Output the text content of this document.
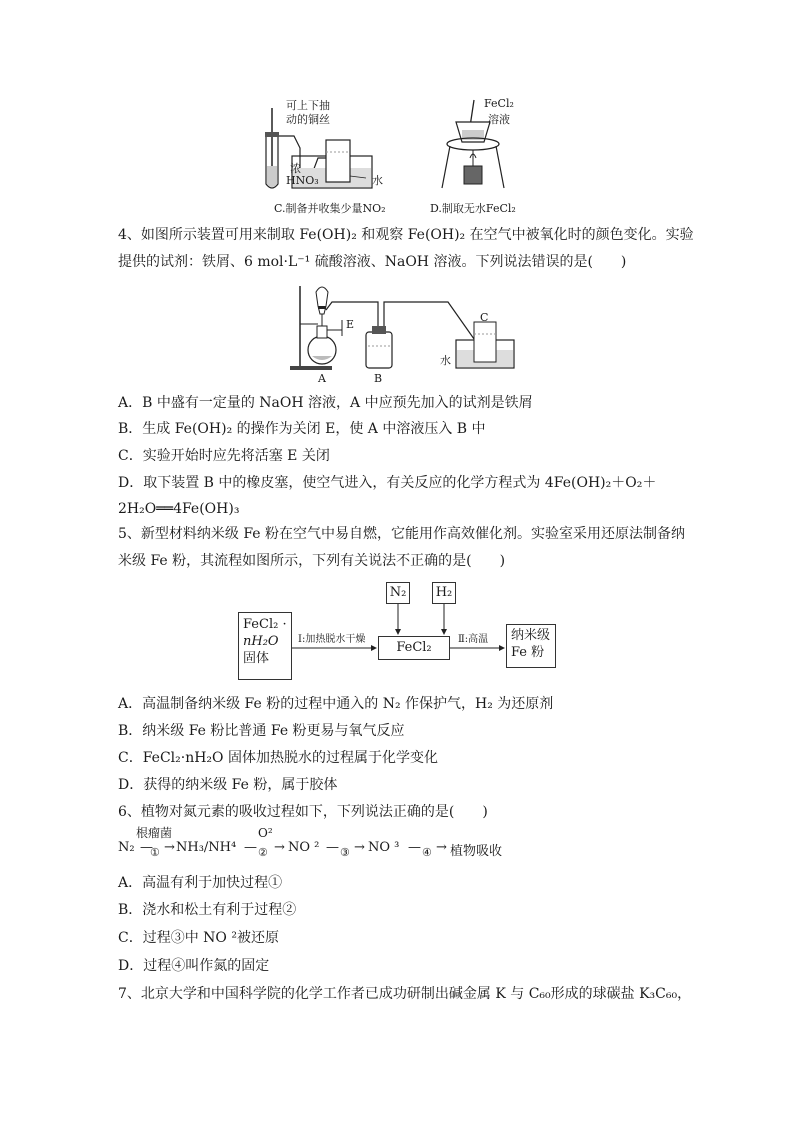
可上下抽
动的铜丝
浓
HNO₃	水
C.制备并收集少量NO₂
FeCl₂
溶液
D.制取无水FeCl₂
4、如图所示装置可用来制取 Fe(OH)₂ 和观察 Fe(OH)₂ 在空气中被氧化时的颜色变化。实验
提供的试剂：铁屑、6 mol·L⁻¹ 硫酸溶液、NaOH 溶液。下列说法错误的是(　　)
E
A	B
C
水
A．B 中盛有一定量的 NaOH 溶液，A 中应预先加入的试剂是铁屑
B．生成 Fe(OH)₂ 的操作为关闭 E，使 A 中溶液压入 B 中
C．实验开始时应先将活塞 E 关闭
D．取下装置 B 中的橡皮塞，使空气进入，有关反应的化学方程式为 4Fe(OH)₂＋O₂＋
2H₂O══4Fe(OH)₃
5、新型材料纳米级 Fe 粉在空气中易自燃，它能用作高效催化剂。实验室采用还原法制备纳
米级 Fe 粉，其流程如图所示，下列有关说法不正确的是(　　)
FeCl₂ ·
nH₂O
固体
N₂ H₂
FeCl₂
纳米级
Fe 粉
Ⅰ:加热脱水干燥	Ⅱ:高温
A．高温制备纳米级 Fe 粉的过程中通入的 N₂ 作保护气，H₂ 为还原剂
B．纳米级 Fe 粉比普通 Fe 粉更易与氧气反应
C．FeCl₂·nH₂O 固体加热脱水的过程属于化学变化
D．获得的纳米级 Fe 粉，属于胶体
6、植物对氮元素的吸收过程如下，下列说法正确的是(　　)
根瘤菌	O²
N₂ —
① → NH₃/NH⁴ — ② → NO ² — ③ → NO ³ — ④ → 植物吸收
A．高温有利于加快过程①
B．浇水和松土有利于过程②
C．过程③中 NO ²被还原
D．过程④叫作氮的固定
7、北京大学和中国科学院的化学工作者已成功研制出碱金属 K 与 C₆₀形成的球碳盐 K₃C₆₀，
